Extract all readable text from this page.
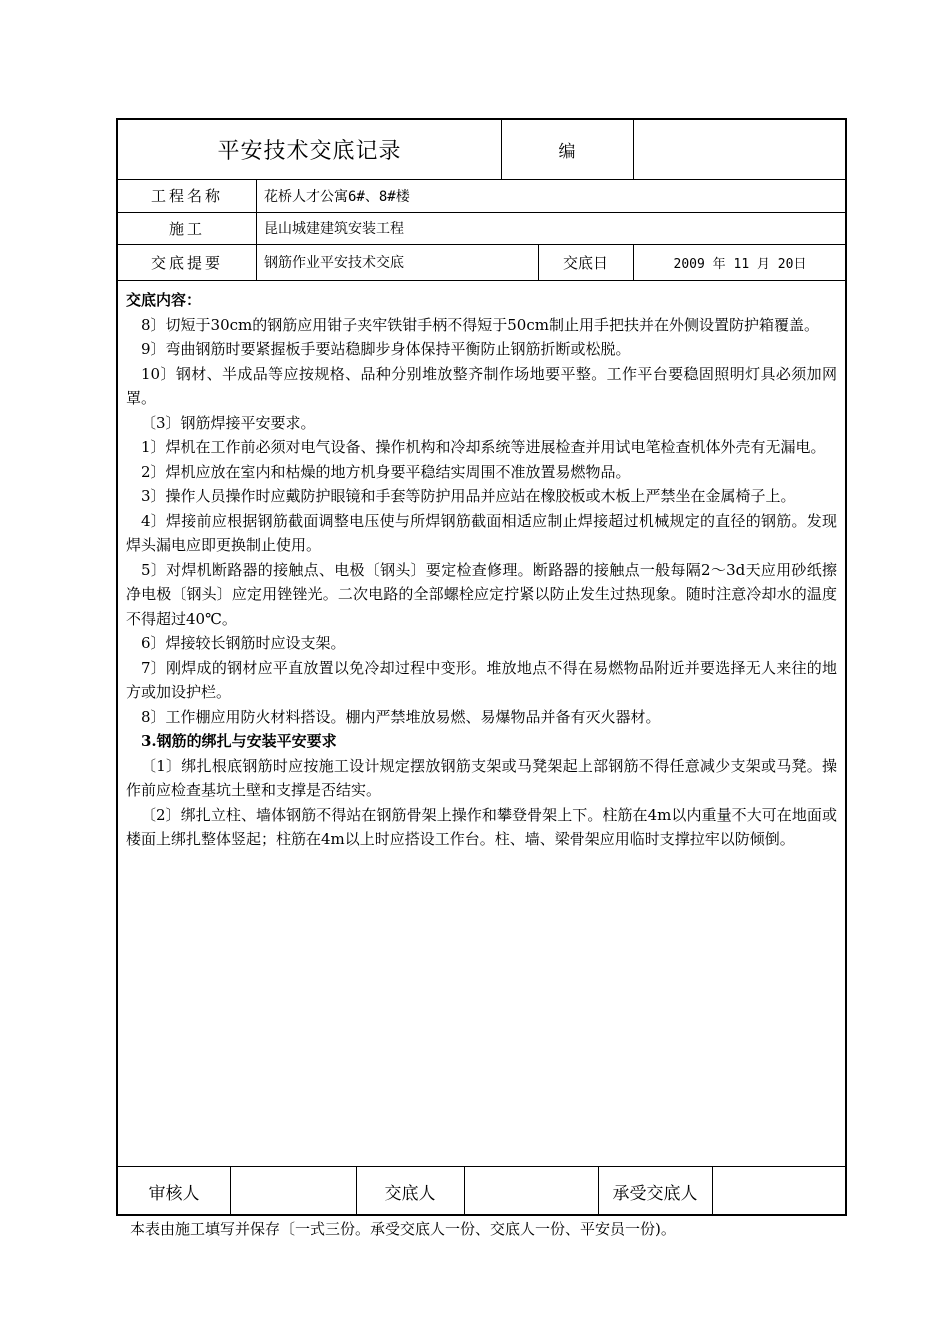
平安技术交底记录	编
工程名称	花桥人才公寓6#、8#楼
施工	昆山城建建筑安装工程
交底提要	钢筋作业平安技术交底	交底日	2009 年 11 月 20日

交底内容：

8〕切短于30cm的钢筋应用钳子夹牢铁钳手柄不得短于50cm制止用手把扶并在外侧设置防护箱覆盖。

9〕弯曲钢筋时要紧握板手要站稳脚步身体保持平衡防止钢筋折断或松脱。

10〕钢材、半成品等应按规格、品种分别堆放整齐制作场地要平整。工作平台要稳固照明灯具必须加网罩。

〔3〕钢筋焊接平安要求。

1〕焊机在工作前必须对电气设备、操作机构和冷却系统等进展检查并用试电笔检查机体外壳有无漏电。

2〕焊机应放在室内和枯燥的地方机身要平稳结实周围不准放置易燃物品。

3〕操作人员操作时应戴防护眼镜和手套等防护用品并应站在橡胶板或木板上严禁坐在金属椅子上。

4〕焊接前应根据钢筋截面调整电压使与所焊钢筋截面相适应制止焊接超过机械规定的直径的钢筋。发现焊头漏电应即更换制止使用。

5〕对焊机断路器的接触点、电极〔钢头〕要定检查修理。断路器的接触点一般每隔2～3d天应用砂纸擦净电极〔钢头〕应定用锉锉光。二次电路的全部螺栓应定拧紧以防止发生过热现象。随时注意冷却水的温度不得超过40℃。

6〕焊接较长钢筋时应设支架。

7〕刚焊成的钢材应平直放置以免冷却过程中变形。堆放地点不得在易燃物品附近并要选择无人来往的地方或加设护栏。

8〕工作棚应用防火材料搭设。棚内严禁堆放易燃、易爆物品并备有灭火器材。

3.钢筋的绑扎与安装平安要求

〔1〕绑扎根底钢筋时应按施工设计规定摆放钢筋支架或马凳架起上部钢筋不得任意减少支架或马凳。操作前应检查基坑土壁和支撑是否结实。

〔2〕绑扎立柱、墙体钢筋不得站在钢筋骨架上操作和攀登骨架上下。柱筋在4m以内重量不大可在地面或楼面上绑扎整体竖起；柱筋在4m以上时应搭设工作台。柱、墙、梁骨架应用临时支撑拉牢以防倾倒。

审核人	交底人	承受交底人
本表由施工填写并保存〔一式三份。承受交底人一份、交底人一份、平安员一份)。
